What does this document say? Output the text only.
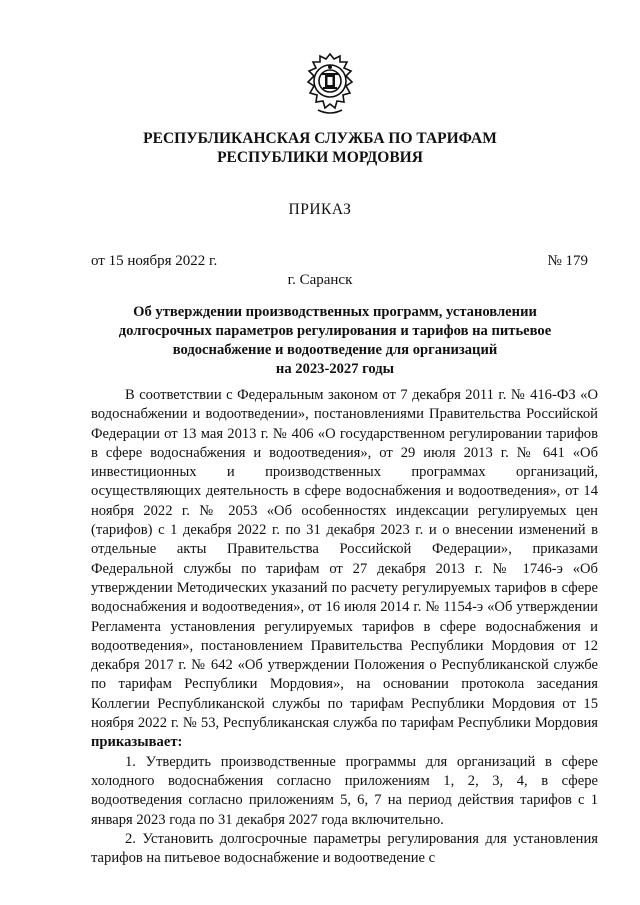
РЕСПУБЛИКАНСКАЯ СЛУЖБА ПО ТАРИФАМ
РЕСПУБЛИКИ МОРДОВИЯ
ПРИКАЗ
от 15 ноября 2022 г.	№ 179
г. Саранск
Об утверждении производственных программ, установлении
долгосрочных параметров регулирования и тарифов на питьевое
водоснабжение и водоотведение для организаций
на 2023-2027 годы

В соответствии с Федеральным законом от 7 декабря 2011 г. № 416-ФЗ «О водоснабжении и водоотведении», постановлениями Правительства Российской Федерации от 13 мая 2013 г. № 406 «О государственном регулировании тарифов в сфере водоснабжения и водоотведения», от 29 июля 2013 г. № 641 «Об инвестиционных и производственных программах организаций, осуществляющих деятельность в сфере водоснабжения и водоотведения», от 14 ноября 2022 г. № 2053 «Об особенностях индексации регулируемых цен (тарифов) с 1 декабря 2022 г. по 31 декабря 2023 г. и о внесении изменений в отдельные акты Правительства Российской Федерации», приказами Федеральной службы по тарифам от 27 декабря 2013 г. № 1746-э «Об утверждении Методических указаний по расчету регулируемых тарифов в сфере водоснабжения и водоотведения», от 16 июля 2014 г. № 1154-э «Об утверждении Регламента установления регулируемых тарифов в сфере водоснабжения и водоотведения», постановлением Правительства Республики Мордовия от 12 декабря 2017 г. № 642 «Об утверждении Положения о Республиканской службе по тарифам Республики Мордовия», на основании протокола заседания Коллегии Республиканской службы по тарифам Республики Мордовия от 15 ноября 2022 г. № 53, Республиканская служба по тарифам Республики Мордовия приказывает:

1. Утвердить производственные программы для организаций в сфере холодного водоснабжения согласно приложениям 1, 2, 3, 4, в сфере водоотведения согласно приложениям 5, 6, 7 на период действия тарифов с 1 января 2023 года по 31 декабря 2027 года включительно.

2. Установить долгосрочные параметры регулирования для установления тарифов на питьевое водоснабжение и водоотведение с
